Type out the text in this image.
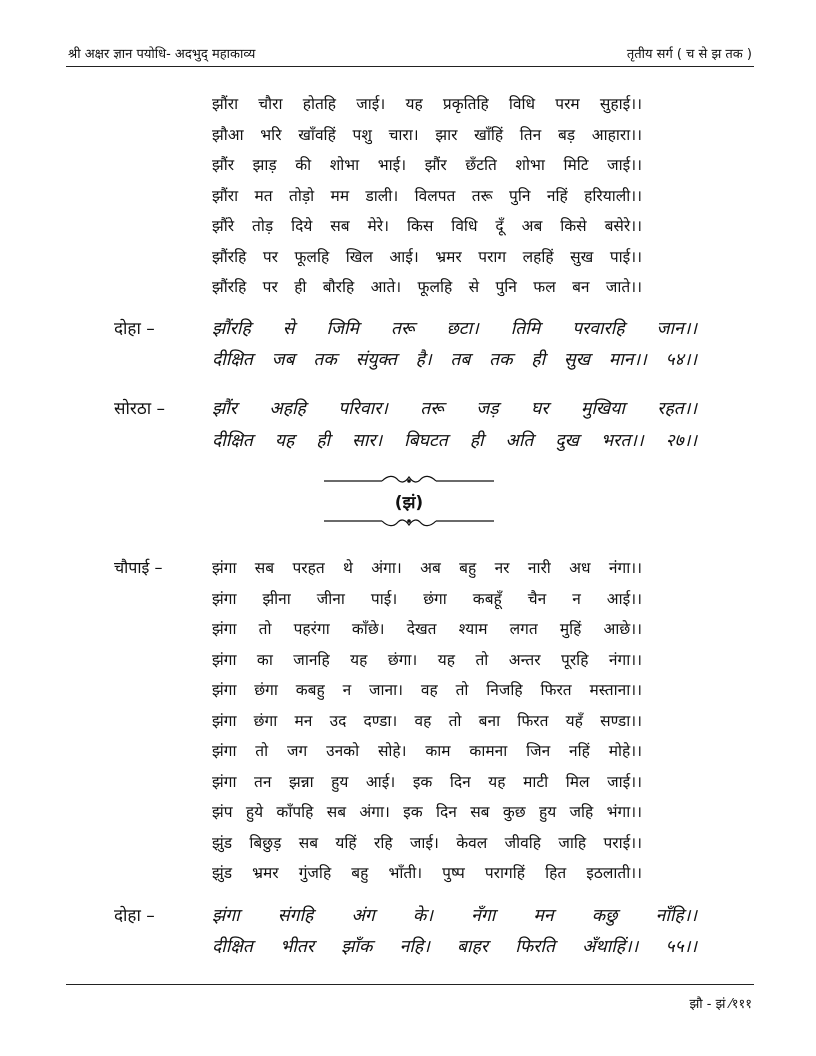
श्री अक्षर ज्ञान पयोधि- अदभुद् महाकाव्य	तृतीय सर्ग ( च से झ तक )
झौंरा चौरा होतहि जाई। यह प्रकृतिहि विधि परम सुहाई।।
झौआ भरि खाँवहिं पशु चारा। झार खाँहिं तिन बड़ आहारा।।
झौंर झाड़ की शोभा भाई। झौंर छँटति शोभा मिटि जाई।।
झौंरा मत तोड़ो मम डाली। विलपत तरू पुनि नहिं हरियाली।।
झौंरे तोड़ दिये सब मेरे। किस विधि दूँ अब किसे बसेरे।।
झौंरहि पर फूलहि खिल आई। भ्रमर पराग लहहिं सुख पाई।।
झौंरहि पर ही बौरहि आते। फूलहि से पुनि फल बन जाते।।
दोहा –	झौंरहि से जिमि तरू छटा। तिमि परवारहि जान।।
दीक्षित जब तक संयुक्त है। तब तक ही सुख मान।। ५४।।
सोरठा –	झौंर अहहि परिवार। तरू जड़ घर मुखिया रहत।।
दीक्षित यह ही सार। बिघटत ही अति दुख भरत।। २७।।
(झं)
चौपाई –	झंगा सब परहत थे अंगा। अब बहु नर नारी अध नंगा।।
झंगा झीना जीना पाई। छंगा कबहूँ चैन न आई।।
झंगा तो पहरंगा काँछे। देखत श्याम लगत मुहिं आछे।।
झंगा का जानहि यह छंगा। यह तो अन्तर पूरहि नंगा।।
झंगा छंगा कबहु न जाना। वह तो निजहि फिरत मस्ताना।।
झंगा छंगा मन उद दण्डा। वह तो बना फिरत यहँ सण्डा।।
झंगा तो जग उनको सोहे। काम कामना जिन नहिं मोहे।।
झंगा तन झन्ना हुय आई। इक दिन यह माटी मिल जाई।।
झंप हुये काँपहि सब अंगा। इक दिन सब कुछ हुय जहि भंगा।।
झुंड बिछुड़ सब यहिं रहि जाई। केवल जीवहि जाहि पराई।।
झुंड भ्रमर गुंजहि बहु भाँती। पुष्प परागहिं हित इठलाती।।
दोहा –	झंगा संगहि अंग के। नँगा मन कछु नाँहि।।
दीक्षित भीतर झाँक नहि। बाहर फिरति अँथाहिं।। ५५।।
झौ - झं ⁄१११
